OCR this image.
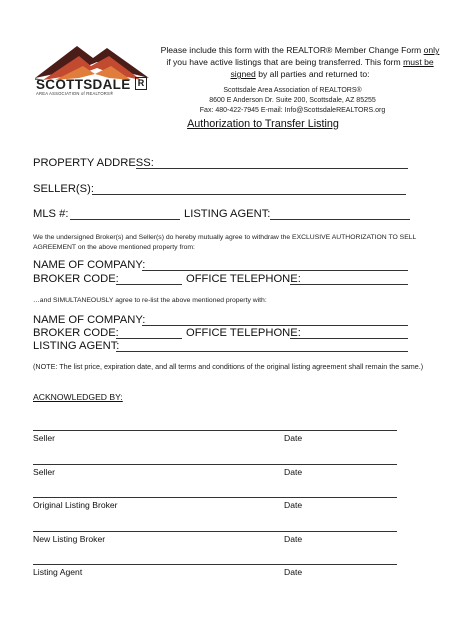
SCOTTSDALE R
AREA ASSOCIATION of REALTORS®
Please include this form with the REALTOR® Member Change Form only
if you have active listings that are being transferred. This form must be
signed by all parties and returned to:
Scottsdale Area Association of REALTORS®
8600 E Anderson Dr. Suite 200, Scottsdale, AZ 85255
Fax: 480-422-7945 E-mail: Info@ScottsdaleREALTORS.org
Authorization to Transfer Listing
PROPERTY ADDRESS:
SELLER(S):
MLS #:	LISTING AGENT:
We the undersigned Broker(s) and Seller(s) do hereby mutually agree to withdraw the EXCLUSIVE AUTHORIZATION TO SELL AGREEMENT on the above mentioned property from:
NAME OF COMPANY:
BROKER CODE:	OFFICE TELEPHONE:
…and SIMULTANEOUSLY agree to re-list the above mentioned property with:
NAME OF COMPANY:
BROKER CODE:	OFFICE TELEPHONE:
LISTING AGENT:
(NOTE: The list price, expiration date, and all terms and conditions of the original listing agreement shall remain the same.)
ACKNOWLEDGED BY:
Seller	Date
Seller	Date
Original Listing Broker	Date
New Listing Broker	Date
Listing Agent	Date
